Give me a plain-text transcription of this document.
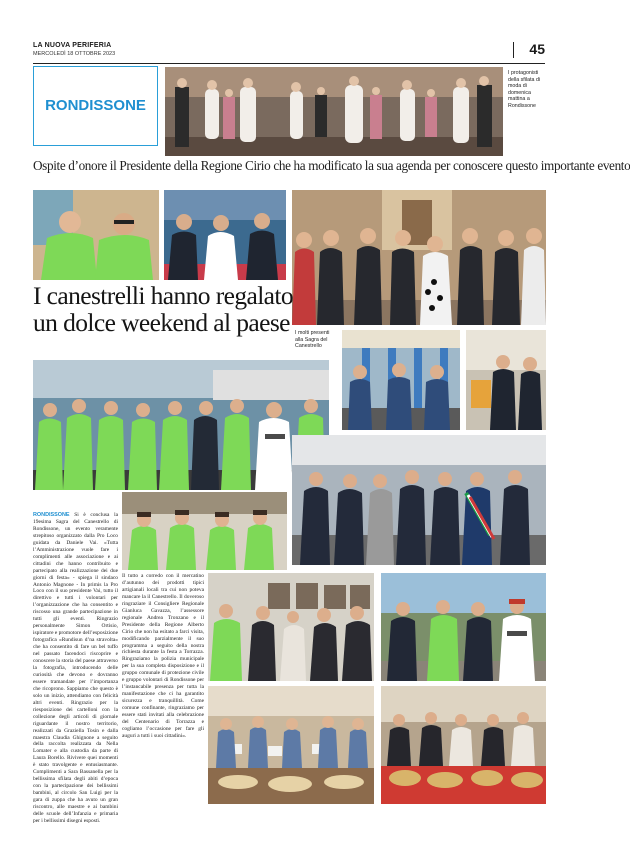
LA NUOVA PERIFERIA
MERCOLEDÌ 18 OTTOBRE 2023	45
RONDISSONE
I protagonisti della sfilata di moda di domenica mattina a Rondissone
Ospite d’onore il Presidente della Regione Cirio che ha modificato la sua agenda per conoscere questo importante evento
I canestrelli hanno regalato un dolce weekend al paese I molti presenti alla Sagra del Canestrello
RONDISSONE Si è conclusa la 19esima Sagra del Canestrello di Rondissone, un evento veramente strepitoso organizzato dalla Pro Loco guidata da Daniele Vai. «Tutta l’Amministrazione vuole fare i complimenti alle associazione e ai cittadini che hanno contribuito e partecipato alla realizzazione dei due giorni di festa» - spiega il sindaco Antonio Magnone - In primis la Pro Loco con il suo presidente Vai, tutto il direttivo e tutti i volontari per l’organizzazione che ha consentito e riscosso una grande partecipazione in tutti gli eventi. Ringrazio personalmente Simon Ortisio, ispiratore e promotore dell’esposizione fotografica «Rundisun d’na stravolta» che ha consentito di fare un bel tuffo nel passato facendoci riscoprire e conoscere la storia del paese attraverso la fotografia, introducendo delle curiosità che devono e dovranno essere tramandate per l’importanza che ricoprono. Sappiamo che questo è solo un inizio, attendiamo con felicità altri eventi. Ringrazio per la riesposizione dei cartelloni con la collezione degli articoli di giornale riguardante il nostro territorio, realizzati da Graziella Tosin e dalla maestra Claudia Ghignone a seguito della raccolta realizzata da Nella Lomater e alla custodia da parte di Laura Borello. Rivivere quei momenti è stato travolgente e entusiasmante. Complimenti a Sara Bassanella per la bellissima sfilata degli abiti d’epoca con la partecipazione dei bellissimi bambini, al circolo San Luigi per la gara di zuppa che ha avuto un gran riscontro, alle maestre e ai bambini delle scuole dell’Infanzia e primaria per i bellissimi disegni esposti.
Il tutto a corredo con il mercatino d’autunno dei prodotti tipici artigianali locali tra cui non poteva mancare la il Canestrello. Il doveroso ringraziare il Consigliere Regionale Gianluca Gavazza, l’assessore regionale Andrea Tronzano e il Presidente della Regione Alberto Cirio che non ha esitato a farci visita, modificando parzialmente il suo programma a seguito della nostra richiesta durante la festa a Torrazza. Ringraziamo la polizia municipale per la sua completa disposizione e il gruppo comunale di protezione civile e gruppo volontari di Rondissone per l’instancabile presenza per tutta la manifestazione che ci ha garantito sicurezza e tranquillità. Come comune confinante, ringraziamo per essere stati invitati alla celebrazione del Centenario di Torrazza e cogliamo l’occasione per fare gli auguri a tutti i suoi cittadini».
